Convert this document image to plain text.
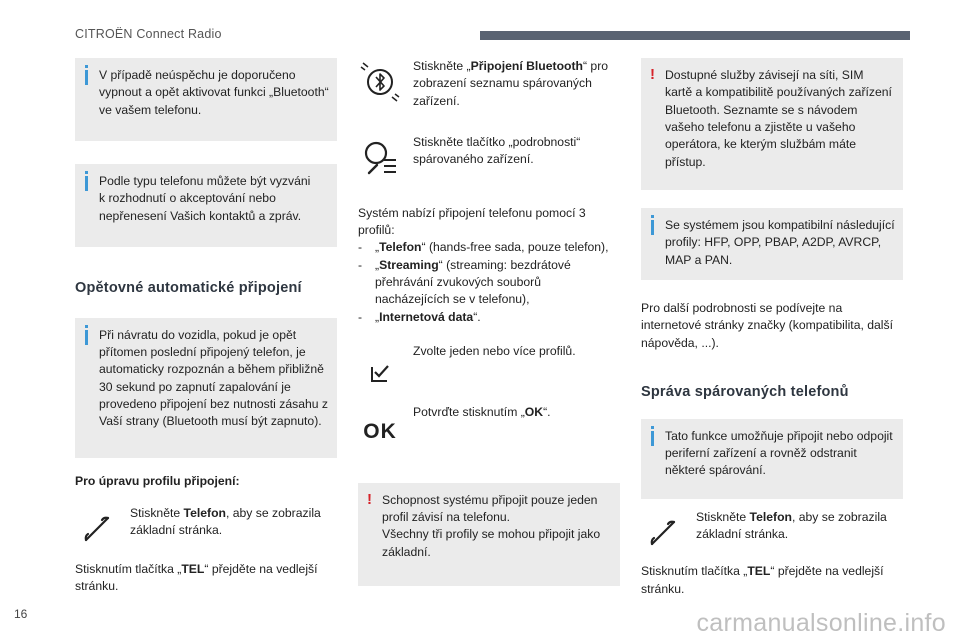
CITROËN Connect Radio

V případě neúspěchu je doporučeno
vypnout a opět aktivovat funkci „Bluetooth“
ve vašem telefonu.

Podle typu telefonu můžete být vyzváni
k rozhodnutí o akceptování nebo
nepřenesení Vašich kontaktů a zpráv.

Opětovné automatické připojení

Při návratu do vozidla, pokud je opět
přítomen poslední připojený telefon, je
automaticky rozpoznán a během přibližně
30 sekund po zapnutí zapalování je
provedeno připojení bez nutnosti zásahu z
Vaší strany (Bluetooth musí být zapnuto).

Pro úpravu profilu připojení:

Stiskněte Telefon, aby se zobrazila
základní stránka.

Stisknutím tlačítka „TEL“ přejděte na vedlejší
stránku.

Stiskněte „Připojení Bluetooth“ pro
zobrazení seznamu spárovaných
zařízení.

Stiskněte tlačítko „podrobnosti“
spárovaného zařízení.

Systém nabízí připojení telefonu pomocí 3
profilů:

- „Telefon“ (hands-free sada, pouze telefon),
- „Streaming“ (streaming: bezdrátové
přehrávání zvukových souborů
nacházejících se v telefonu),
- „Internetová data“.

Zvolte jeden nebo více profilů.

OK

Potvrďte stisknutím „OK“.

! Schopnost systému připojit pouze jeden
profil závisí na telefonu.
Všechny tři profily se mohou připojit jako
základní.

! Dostupné služby závisejí na síti, SIM
kartě a kompatibilitě používaných zařízení
Bluetooth. Seznamte se s návodem
vašeho telefonu a zjistěte u vašeho
operátora, ke kterým službám máte
přístup.

Se systémem jsou kompatibilní následující
profily: HFP, OPP, PBAP, A2DP, AVRCP,
MAP a PAN.

Pro další podrobnosti se podívejte na
internetové stránky značky (kompatibilita, další
nápověda, ...).

Správa spárovaných telefonů

Tato funkce umožňuje připojit nebo odpojit
periferní zařízení a rovněž odstranit
některé spárování.

Stiskněte Telefon, aby se zobrazila
základní stránka.

Stisknutím tlačítka „TEL“ přejděte na vedlejší
stránku.

16	carmanualsonline.info
